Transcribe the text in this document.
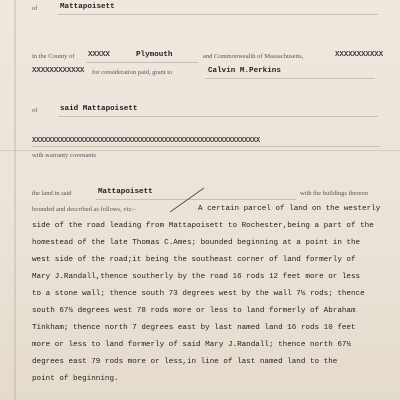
of	Mattapoisett
in the County of XXXXX	Plymouth	and Commonwealth of Massachusetts,	XXXXXXXXXXX
XXXXXXXXXXXX for consideration paid, grant to	Calvin M.Perkins
of	said Mattapoisett
XXXXXXXXXXXXXXXXXXXXXXXXXXXXXXXXXXXXXXXXXXXXXXXXXXXXXXXXX
with warranty covenants
the land in said	Mattapoisett	with the buildings thereon
bounded and described as follows, viz:-	A certain parcel of land on the westerly
side of the road leading from Mattapoisett to Rochester,being a part of the
homestead of the late Thomas C.Ames; bounded beginning at a point in the
west side of the road;it being the southeast corner of land formerly of
Mary J.Randall,thence southerly by the road 16 rods 12 feet more or less
to a stone wall; thence south 73 degrees west by the wall 7½ rods; thence
south 67½ degrees west 78 rods more or less to land formerly of Abraham
Tinkham; thence north 7 degrees east by last named land 16 rods 10 feet
more or less to land formerly of said Mary J.Randall; thence north 67½
degrees east 79 rods more or less,in line of last named land to the
point of beginning.
